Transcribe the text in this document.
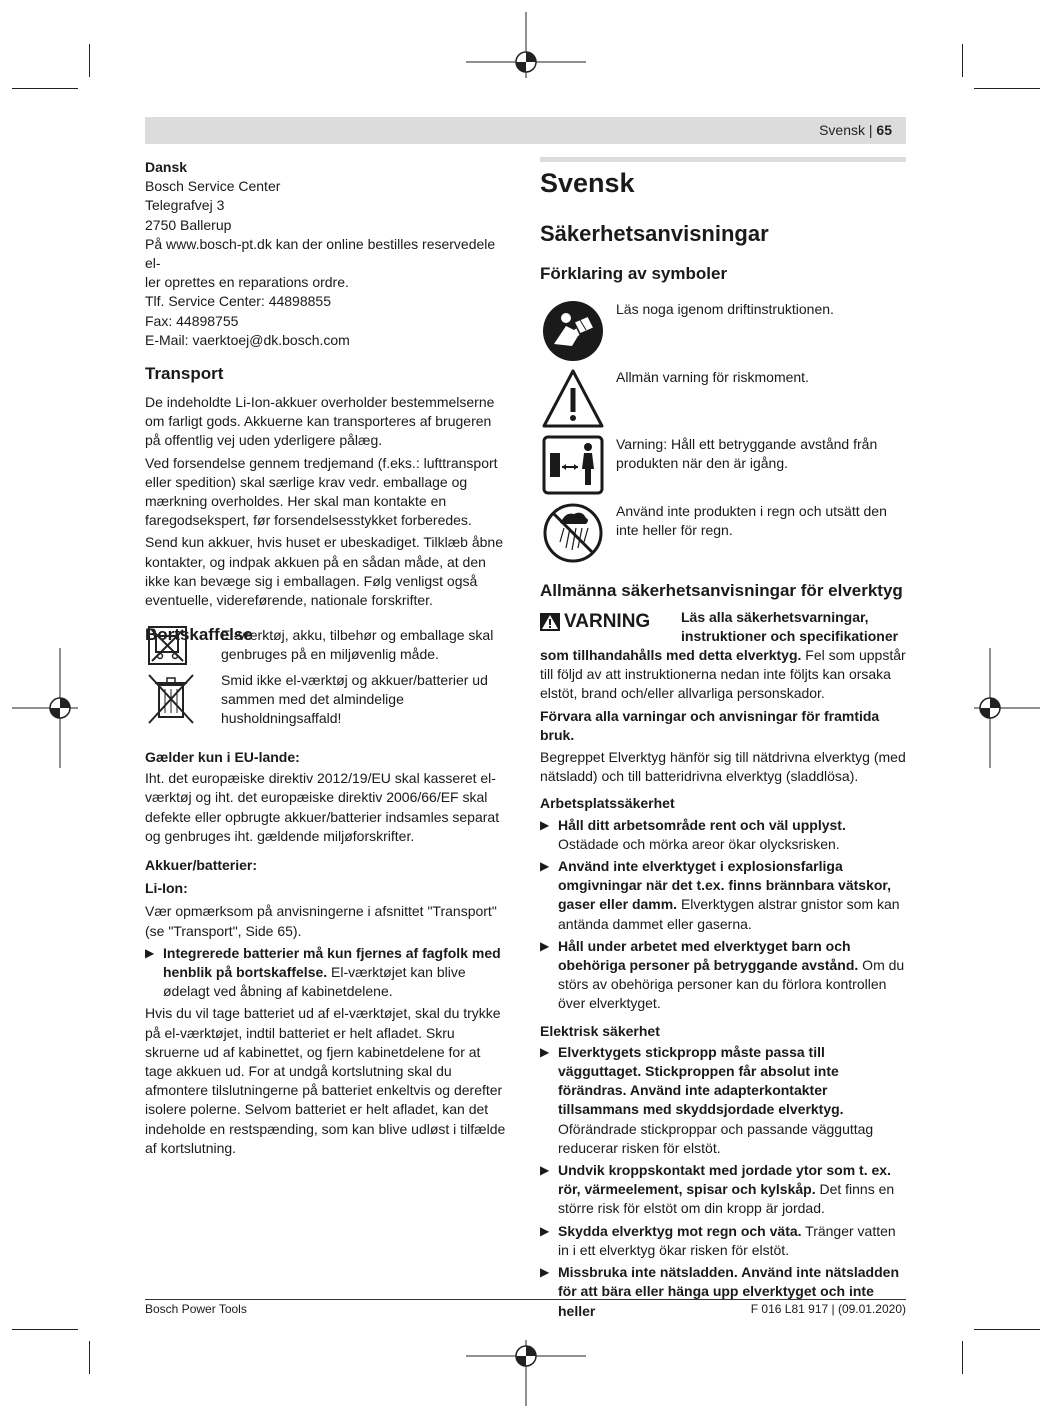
Svensk | 65
Dansk
Bosch Service Center
Telegrafvej 3
2750 Ballerup
På www.bosch-pt.dk kan der online bestilles reservedele el-
ler oprettes en reparations ordre.
Tlf. Service Center: 44898855
Fax: 44898755
E-Mail: vaerktoej@dk.bosch.com
Transport

De indeholdte Li-Ion-akkuer overholder bestemmelserne om farligt gods. Akkuerne kan transporteres af brugeren på offentlig vej uden yderligere pålæg.

Ved forsendelse gennem tredjemand (f.eks.: lufttransport eller spedition) skal særlige krav vedr. emballage og mærkning overholdes. Her skal man kontakte en faregodsekspert, før forsendelsesstykket forberedes.

Send kun akkuer, hvis huset er ubeskadiget. Tilklæb åbne kontakter, og indpak akkuen på en sådan måde, at den ikke kan bevæge sig i emballagen. Følg venligst også eventuelle, videreførende, nationale forskrifter.

Bortskaffelse
El-værktøj, akku, tilbehør og emballage skal genbruges på en miljøvenlig måde.
Smid ikke el-værktøj og akkuer/batterier ud sammen med det almindelige husholdningsaffald!
Gælder kun i EU-lande:

Iht. det europæiske direktiv 2012/19/EU skal kasseret el-værktøj og iht. det europæiske direktiv 2006/66/EF skal defekte eller opbrugte akkuer/batterier indsamles separat og genbruges iht. gældende miljøforskrifter.

Akkuer/batterier:
Li-Ion:

Vær opmærksom på anvisningerne i afsnittet "Transport" (se "Transport", Side 65).

▶ Integrerede batterier må kun fjernes af fagfolk med henblik på bortskaffelse. El-værktøjet kan blive ødelagt ved åbning af kabinetdelene.

Hvis du vil tage batteriet ud af el-værktøjet, skal du trykke på el-værktøjet, indtil batteriet er helt afladet. Skru skruerne ud af kabinettet, og fjern kabinetdelene for at tage akkuen ud. For at undgå kortslutning skal du afmontere tilslutningerne på batteriet enkeltvis og derefter isolere polerne. Selvom batteriet er helt afladet, kan det indeholde en restspænding, som kan blive udløst i tilfælde af kortslutning.

Svensk
Säkerhetsanvisningar
Förklaring av symboler
Läs noga igenom driftinstruktionen.
Allmän varning för riskmoment.
Varning: Håll ett betryggande avstånd från produkten när den är igång.
Använd inte produkten i regn och utsätt den inte heller för regn.
Allmänna säkerhetsanvisningar för elverktyg
VARNING Läs alla säkerhetsvarningar,
instruktioner och specifikationer

som tillhandahålls med detta elverktyg. Fel som uppstår till följd av att instruktionerna nedan inte följts kan orsaka elstöt, brand och/eller allvarliga personskador.

Förvara alla varningar och anvisningar för framtida bruk.

Begreppet Elverktyg hänför sig till nätdrivna elverktyg (med nätsladd) och till batteridrivna elverktyg (sladdlösa).

Arbetsplatssäkerhet
▶ Håll ditt arbetsområde rent och väl upplyst. Ostädade och mörka areor ökar olycksrisken.
▶ Använd inte elverktyget i explosionsfarliga omgivningar när det t.ex. finns brännbara vätskor, gaser eller damm. Elverktygen alstrar gnistor som kan antända dammet eller gaserna.
▶ Håll under arbetet med elverktyget barn och obehöriga personer på betryggande avstånd. Om du störs av obehöriga personer kan du förlora kontrollen över elverktyget.
Elektrisk säkerhet
▶ Elverktygets stickpropp måste passa till vägguttaget. Stickproppen får absolut inte förändras. Använd inte adapterkontakter tillsammans med skyddsjordade elverktyg. Oförändrade stickproppar och passande vägguttag reducerar risken för elstöt.
▶ Undvik kroppskontakt med jordade ytor som t. ex. rör, värmeelement, spisar och kylskåp. Det finns en större risk för elstöt om din kropp är jordad.
▶ Skydda elverktyg mot regn och väta. Tränger vatten in i ett elverktyg ökar risken för elstöt.
▶ Missbruka inte nätsladden. Använd inte nätsladden för att bära eller hänga upp elverktyget och inte heller
Bosch Power Tools	F 016 L81 917 | (09.01.2020)
